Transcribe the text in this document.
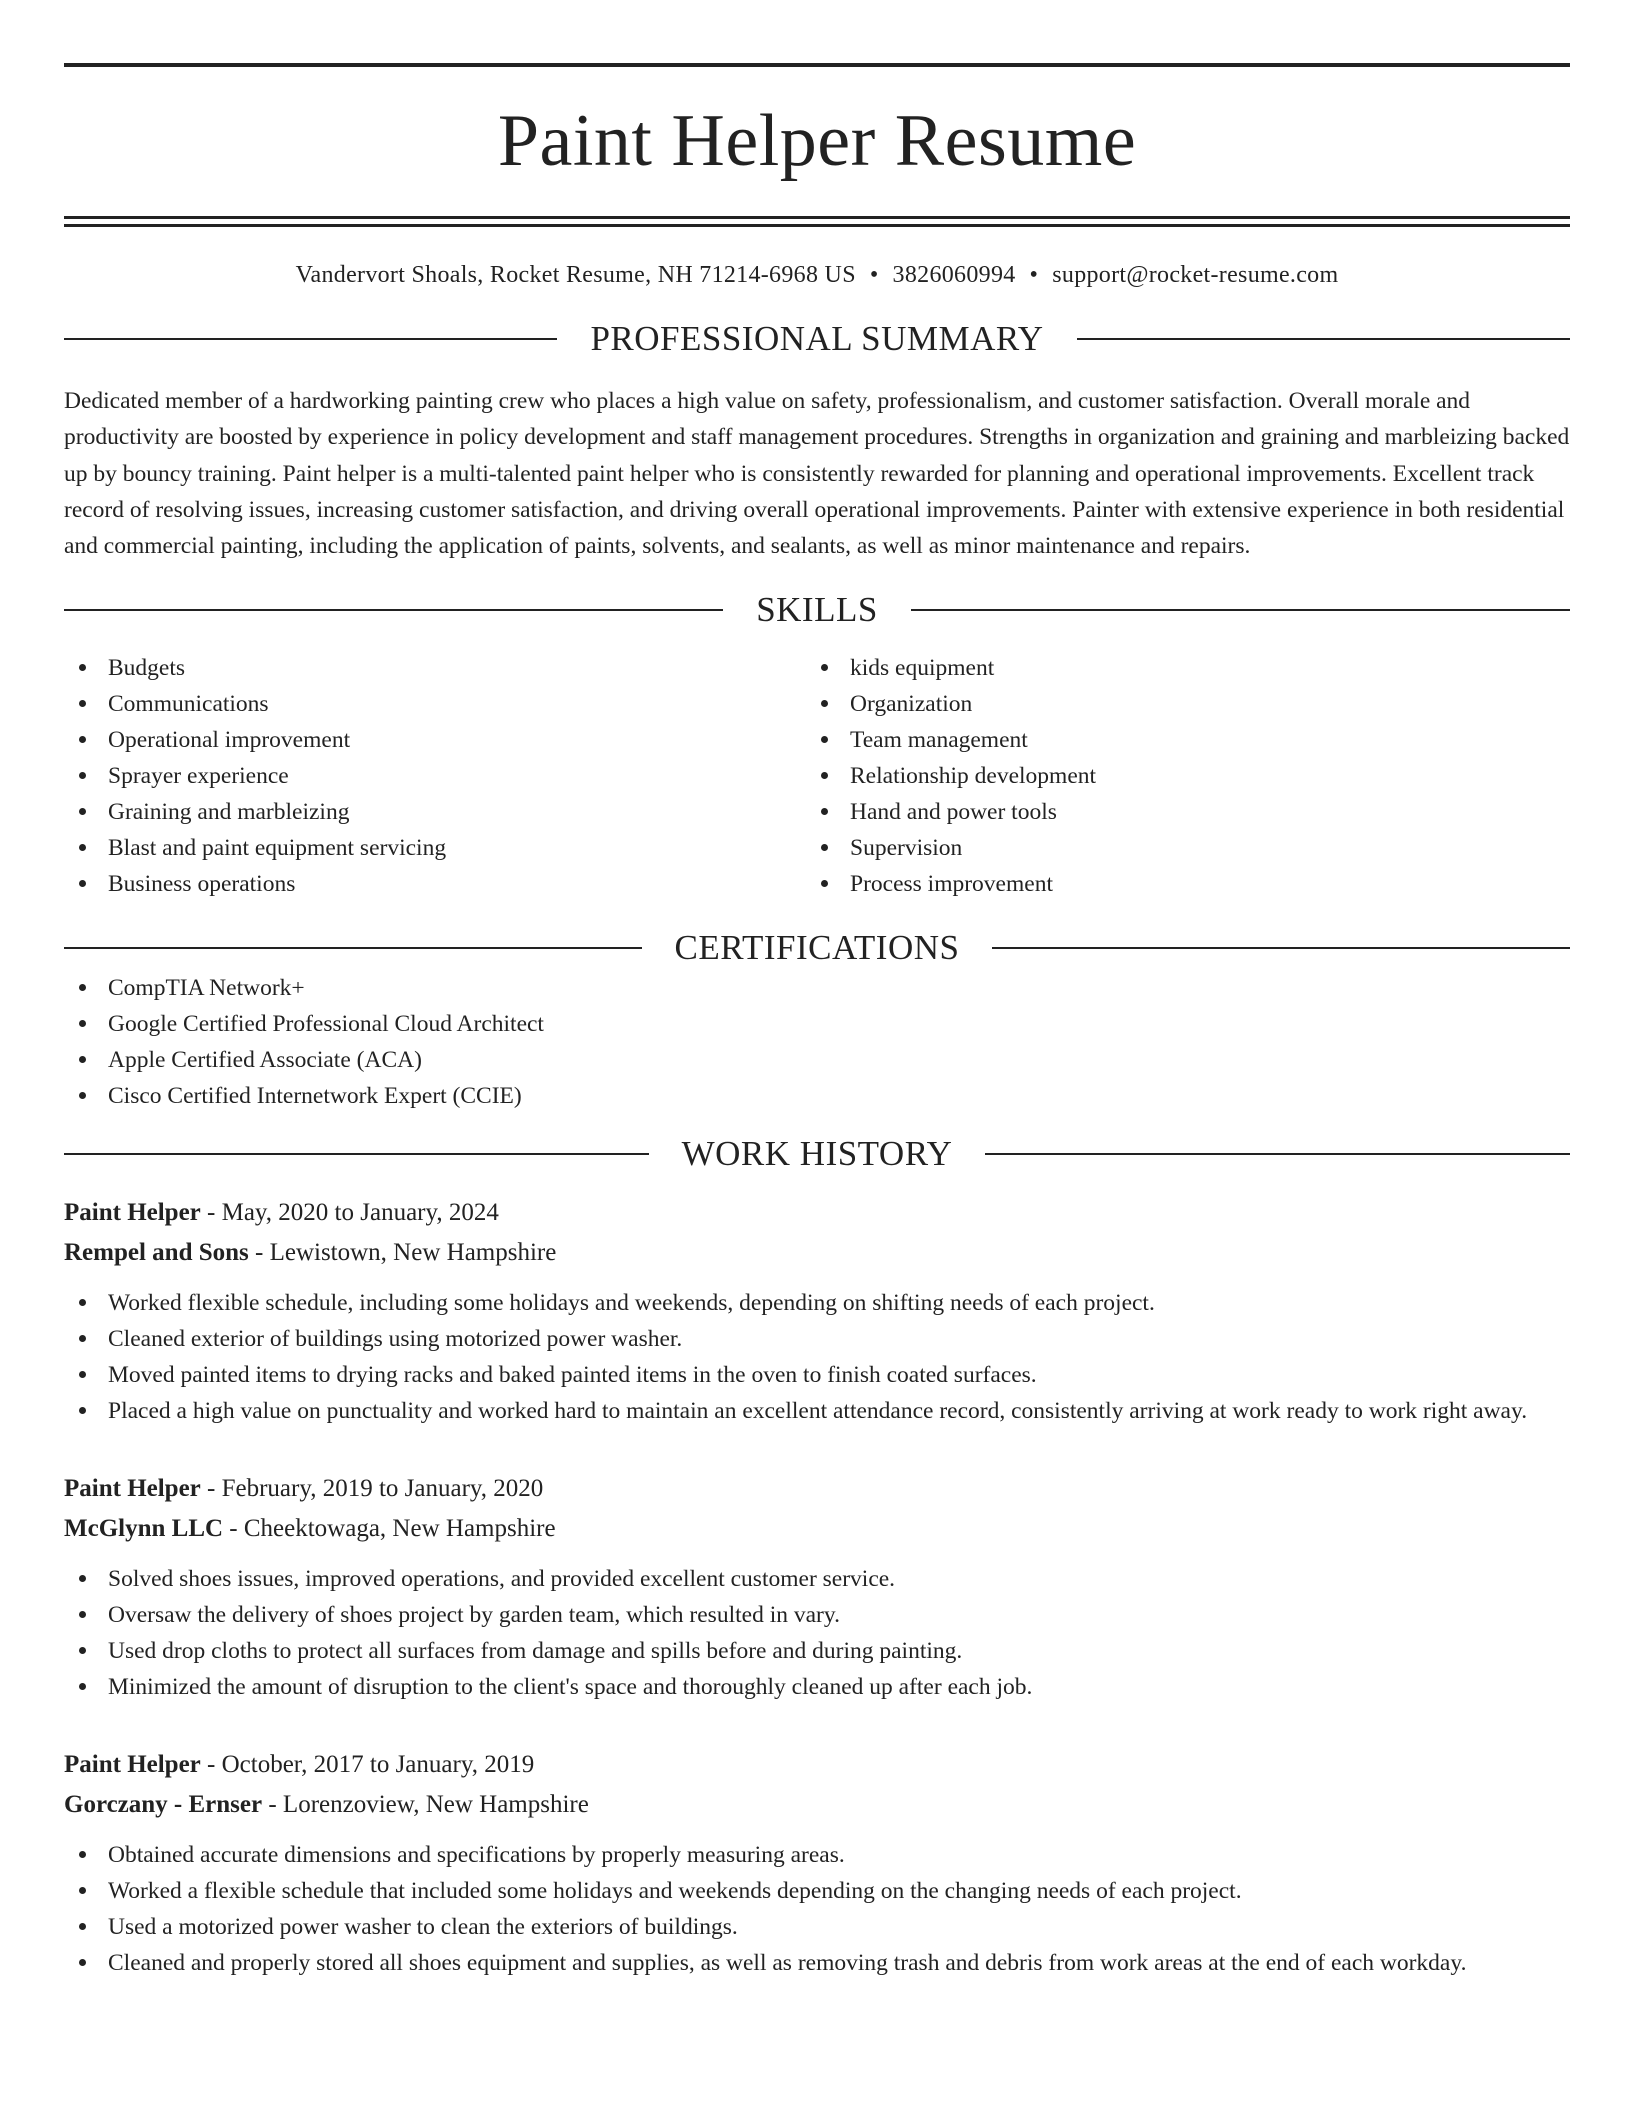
Paint Helper Resume
Vandervort Shoals, Rocket Resume, NH 71214-6968 US • 3826060994 • support@rocket-resume.com
PROFESSIONAL SUMMARY

Dedicated member of a hardworking painting crew who places a high value on safety, professionalism, and customer satisfaction. Overall morale and productivity are boosted by experience in policy development and staff management procedures. Strengths in organization and graining and marbleizing backed up by bouncy training. Paint helper is a multi-talented paint helper who is consistently rewarded for planning and operational improvements. Excellent track record of resolving issues, increasing customer satisfaction, and driving overall operational improvements. Painter with extensive experience in both residential and commercial painting, including the application of paints, solvents, and sealants, as well as minor maintenance and repairs.

SKILLS
Budgets
Communications
Operational improvement
Sprayer experience
Graining and marbleizing
Blast and paint equipment servicing
Business operations
kids equipment
Organization
Team management
Relationship development
Hand and power tools
Supervision
Process improvement
CERTIFICATIONS
CompTIA Network+
Google Certified Professional Cloud Architect
Apple Certified Associate (ACA)
Cisco Certified Internetwork Expert (CCIE)
WORK HISTORY
Paint Helper - May, 2020 to January, 2024
Rempel and Sons - Lewistown, New Hampshire
Worked flexible schedule, including some holidays and weekends, depending on shifting needs of each project.
Cleaned exterior of buildings using motorized power washer.
Moved painted items to drying racks and baked painted items in the oven to finish coated surfaces.
Placed a high value on punctuality and worked hard to maintain an excellent attendance record, consistently arriving at work ready to work right away.
Paint Helper - February, 2019 to January, 2020
McGlynn LLC - Cheektowaga, New Hampshire
Solved shoes issues, improved operations, and provided excellent customer service.
Oversaw the delivery of shoes project by garden team, which resulted in vary.
Used drop cloths to protect all surfaces from damage and spills before and during painting.
Minimized the amount of disruption to the client's space and thoroughly cleaned up after each job.
Paint Helper - October, 2017 to January, 2019
Gorczany - Ernser - Lorenzoview, New Hampshire
Obtained accurate dimensions and specifications by properly measuring areas.
Worked a flexible schedule that included some holidays and weekends depending on the changing needs of each project.
Used a motorized power washer to clean the exteriors of buildings.
Cleaned and properly stored all shoes equipment and supplies, as well as removing trash and debris from work areas at the end of each workday.
